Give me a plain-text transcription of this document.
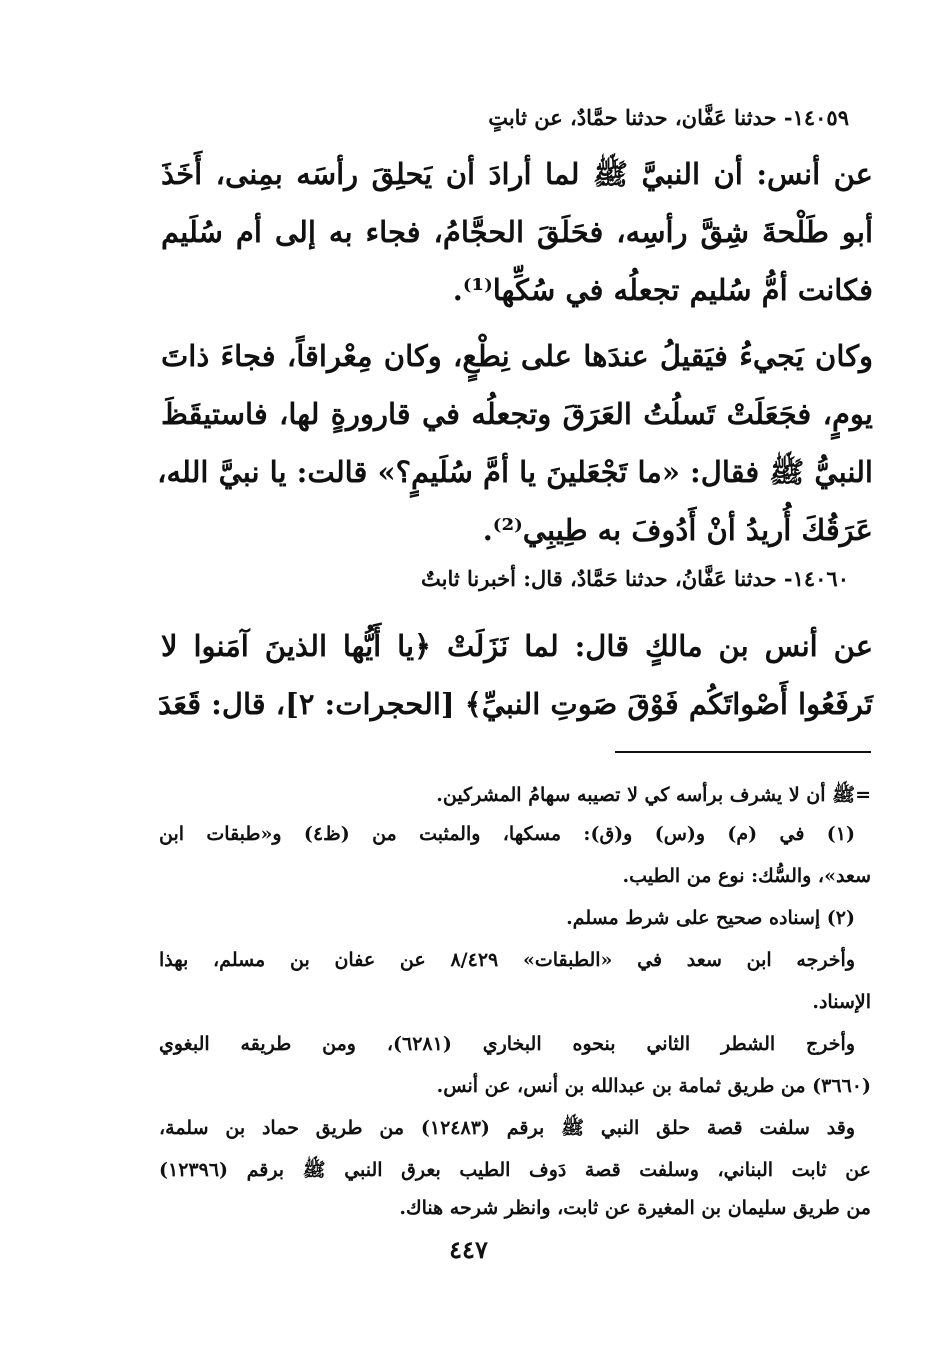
١٤٠٥٩- حدثنا عَفَّان، حدثنا حمَّادٌ، عن ثابتٍ
عن أنس: أن النبيَّ ﷺ لما أرادَ أن يَحلِقَ رأسَه بمِنى، أَخَذَ
أبو طَلْحةَ شِقَّ رأسِه، فحَلَقَ الحجَّامُ، فجاء به إلى أم سُلَيم
فكانت أمُّ سُليم تجعلُه في سُكِّها⁽¹⁾.
وكان يَجيءُ فيَقيلُ عندَها على نِطْعٍ، وكان مِعْراقاً، فجاءَ ذاتَ
يومٍ، فجَعَلَتْ تَسلُتُ العَرَقَ وتجعلُه في قارورةٍ لها، فاستيقَظَ
النبيُّ ﷺ فقال: «ما تَجْعَلينَ يا أمَّ سُلَيمٍ؟» قالت: يا نبيَّ الله،
عَرَقُكَ أُريدُ أنْ أَدُوفَ به طِيبِي⁽²⁾.
١٤٠٦٠- حدثنا عَفَّانُ، حدثنا حَمَّادٌ، قال: أخبرنا ثابتٌ
عن أنس بن مالكٍ قال: لما نَزَلَتْ ﴿يا أَيُّها الذينَ آمَنوا لا
تَرفَعُوا أَصْواتَكُم فَوْقَ صَوتِ النبيِّ﴾ [الحجرات: ٢]، قال: قَعَدَ
=ﷺ أن لا يشرف برأسه كي لا تصيبه سهامُ المشركين.
(١) في (م) و(س) و(ق): مسكها، والمثبت من (ظ٤) و«طبقات ابن
سعد»، والسُّك: نوع من الطيب.
(٢) إسناده صحيح على شرط مسلم.
وأخرجه ابن سعد في «الطبقات» ٨/٤٢٩ عن عفان بن مسلم، بهذا
الإسناد.
وأخرج الشطر الثاني بنحوه البخاري (٦٢٨١)، ومن طريقه البغوي
(٣٦٦٠) من طريق ثمامة بن عبدالله بن أنس، عن أنس.
وقد سلفت قصة حلق النبي ﷺ برقم (١٢٤٨٣) من طريق حماد بن سلمة،
عن ثابت البناني، وسلفت قصة دَوف الطيب بعرق النبي ﷺ برقم (١٢٣٩٦)
من طريق سليمان بن المغيرة عن ثابت، وانظر شرحه هناك.
٤٤٧
